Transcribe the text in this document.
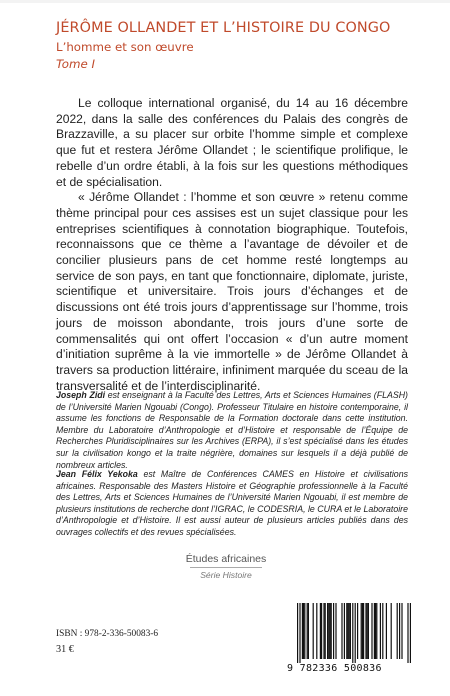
JÉRÔME OLLANDET ET L’HISTOIRE DU CONGO
L’homme et son œuvre
Tome I

Le colloque international organisé, du 14 au 16 décembre 2022, dans la salle des conférences du Palais des congrès de Brazzaville, a su placer sur orbite l’homme simple et complexe que fut et restera Jérôme Ollandet ; le scientifique prolifique, le rebelle d’un ordre établi, à la fois sur les questions méthodiques et de spécialisation.

« Jérôme Ollandet : l’homme et son œuvre » retenu comme thème principal pour ces assises est un sujet classique pour les entreprises scientifiques à connotation biographique. Toutefois, reconnaissons que ce thème a l’avantage de dévoiler et de concilier plusieurs pans de cet homme resté longtemps au service de son pays, en tant que fonctionnaire, diplomate, juriste, scientifique et universitaire. Trois jours d’échanges et de discussions ont été trois jours d’apprentissage sur l’homme, trois jours de moisson abondante, trois jours d’une sorte de commensalités qui ont offert l’occasion « d’un autre moment d’initiation suprême à la vie immortelle » de Jérôme Ollandet à travers sa production littéraire, infiniment marquée du sceau de la transversalité et de l’interdisciplinarité.

Joseph Zidi est enseignant à la Faculté des Lettres, Arts et Sciences Humaines (FLASH) de l’Université Marien Ngouabi (Congo). Professeur Titulaire en histoire contemporaine, il assume les fonctions de Responsable de la Formation doctorale dans cette institution. Membre du Laboratoire d’Anthropologie et d’Histoire et responsable de l’Équipe de Recherches Pluridisciplinaires sur les Archives (ERPA), il s’est spécialisé dans les études sur la civilisation kongo et la traite négrière, domaines sur lesquels il a déjà publié de nombreux articles.
Jean Félix Yekoka est Maître de Conférences CAMES en Histoire et civilisations africaines. Responsable des Masters Histoire et Géographie professionnelle à la Faculté des Lettres, Arts et Sciences Humaines de l’Université Marien Ngouabi, il est membre de plusieurs institutions de recherche dont l’IGRAC, le CODESRIA, le CURA et le Laboratoire d’Anthropologie et d’Histoire. Il est aussi auteur de plusieurs articles publiés dans des ouvrages collectifs et des revues spécialisées.
Études africaines
Série Histoire
ISBN : 978-2-336-50083-6
31 €
9 782336 500836
